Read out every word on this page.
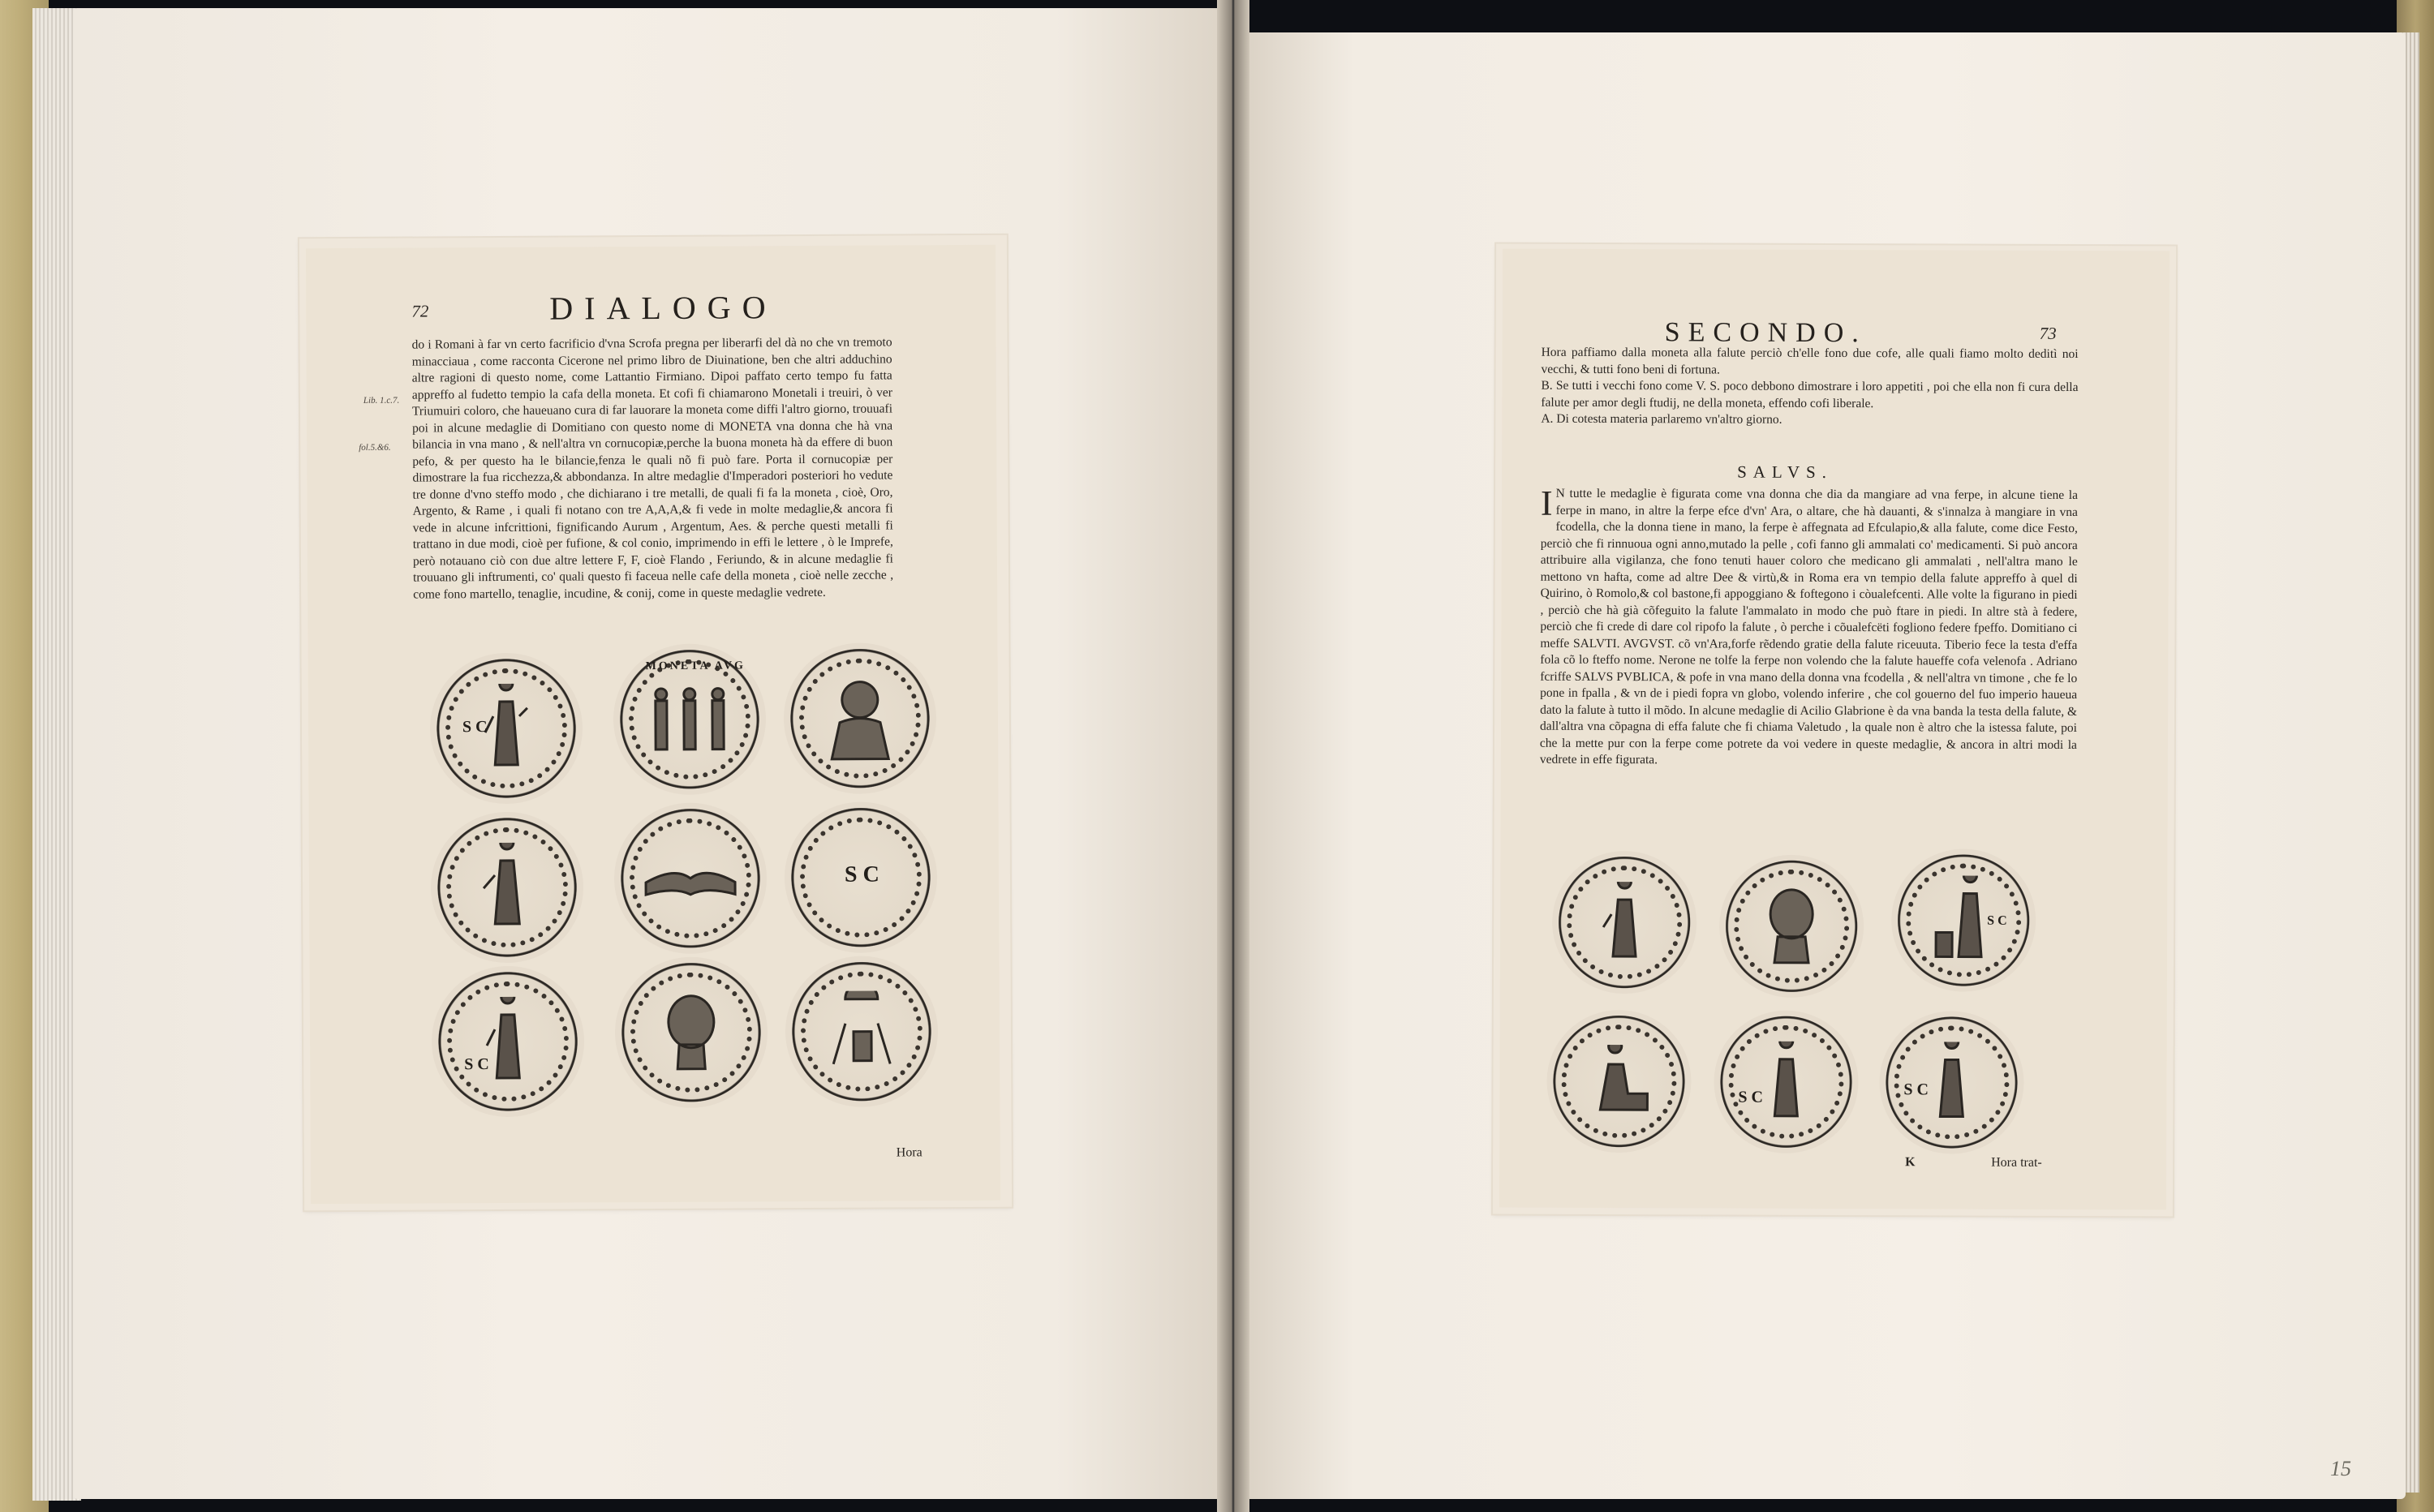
72	DIALOGO
Lib. 1.c.7.
fol.5.&6.

do i Romani à far vn certo facrificio d'vna Scrofa pregna per liberarfi del dà no che vn tremoto minacciaua , come racconta Cicerone nel primo libro de Diuinatione, ben che altri adduchino altre ragioni di questo nome, come Lattantio Firmiano. Dipoi paffato certo tempo fu fatta appreffo al fudetto tempio la cafa della moneta. Et cofi fi chiamarono Monetali i treuiri, ò ver Triumuiri coloro, che haueuano cura di far lauorare la moneta come diffi l'altro giorno, trouuafi poi in alcune medaglie di Domitiano con questo nome di MONETA vna donna che hà vna bilancia in vna mano , & nell'altra vn cornucopiæ,perche la buona moneta hà da effere di buon pefo, & per questo ha le bilancie,fenza le quali nõ fi può fare. Porta il cornucopiæ per dimostrare la fua ricchezza,& abbondanza. In altre medaglie d'Imperadori posteriori ho vedute tre donne d'vno steffo modo , che dichiarano i tre metalli, de quali fi fa la moneta , cioè, Oro, Argento, & Rame , i quali fi notano con tre A,A,A,& fi vede in molte medaglie,& ancora fi vede in alcune infcrittioni, fignificando Aurum , Argentum, Aes. & perche questi metalli fi trattano in due modi, cioè per fufione, & col conio, imprimendo in effi le lettere , ò le Imprefe, però notauano ciò con due altre lettere F, F, cioè Flando , Feriundo, & in alcune medaglie fi trouuano gli inftrumenti, co' quali questo fi faceua nelle cafe della moneta , cioè nelle zecche , come fono martello, tenaglie, incudine, & conij, come in queste medaglie vedrete.

S C
MONETA AVG
S C
S C
Hora
SECONDO.	73

Hora paffiamo dalla moneta alla falute perciò ch'elle fono due cofe, alle quali fiamo molto deditì noi vecchi, & tutti fono beni di fortuna.

B. Se tutti i vecchi fono come V. S. poco debbono dimostrare i loro appetiti , poi che ella non fi cura della falute per amor degli ftudij, ne della moneta, effendo cofi liberale.

A. Di cotesta materia parlaremo vn'altro giorno.

SALVS.
I N tutte le medaglie è figurata come vna donna che dia da mangiare ad vna ferpe, in alcune tiene la ferpe in mano, in altre la ferpe efce d'vn' Ara, o altare, che hà dauanti, & s'innalza à mangiare in vna fcodella, che la donna tiene in mano, la ferpe è affegnata ad Efculapio,& alla falute, come dice Festo, perciò che fi rinnuoua ogni anno,mutado la pelle , cofi fanno gli ammalati co' medicamenti. Si può ancora attribuire alla vigilanza, che fono tenuti hauer coloro che medicano gli ammalati , nell'altra mano le mettono vn hafta, come ad altre Dee & virtù,& in Roma era vn tempio della falute appreffo à quel di Quirino, ò Romolo,& col bastone,fi appoggiano & foftegono i còualefcenti. Alle volte la figurano in piedi , perciò che hà già cõfeguito la falute l'ammalato in modo che può ftare in piedi. In altre stà à federe, perciò che fi crede di dare col ripofo la falute , ò perche i cõualefcëti fogliono federe fpeffo. Domitiano ci meffe SALVTI. AVGVST. cõ vn'Ara,forfe rẽdendo gratie della falute riceuuta. Tiberio fece la testa d'effa fola cõ lo fteffo nome. Nerone ne tolfe la ferpe non volendo che la falute haueffe cofa velenofa . Adriano fcriffe SALVS PVBLICA, & pofe in vna mano della donna vna fcodella , & nell'altra vn timone , che fe lo pone in fpalla , & vn de i piedi fopra vn globo, volendo inferire , che col gouerno del fuo imperio haueua dato la falute à tutto il mõdo. In alcune medaglie di Acilio Glabrione è da vna banda la testa della falute, & dall'altra vna cõpagna di effa falute che fi chiama Valetudo , la quale non è altro che la istessa falute, poi che la mette pur con la ferpe come potrete da voi vedere in queste medaglie, & ancora in altri modi la vedrete in effe figurata.

S C
S C	S C
K	Hora trat-
15
